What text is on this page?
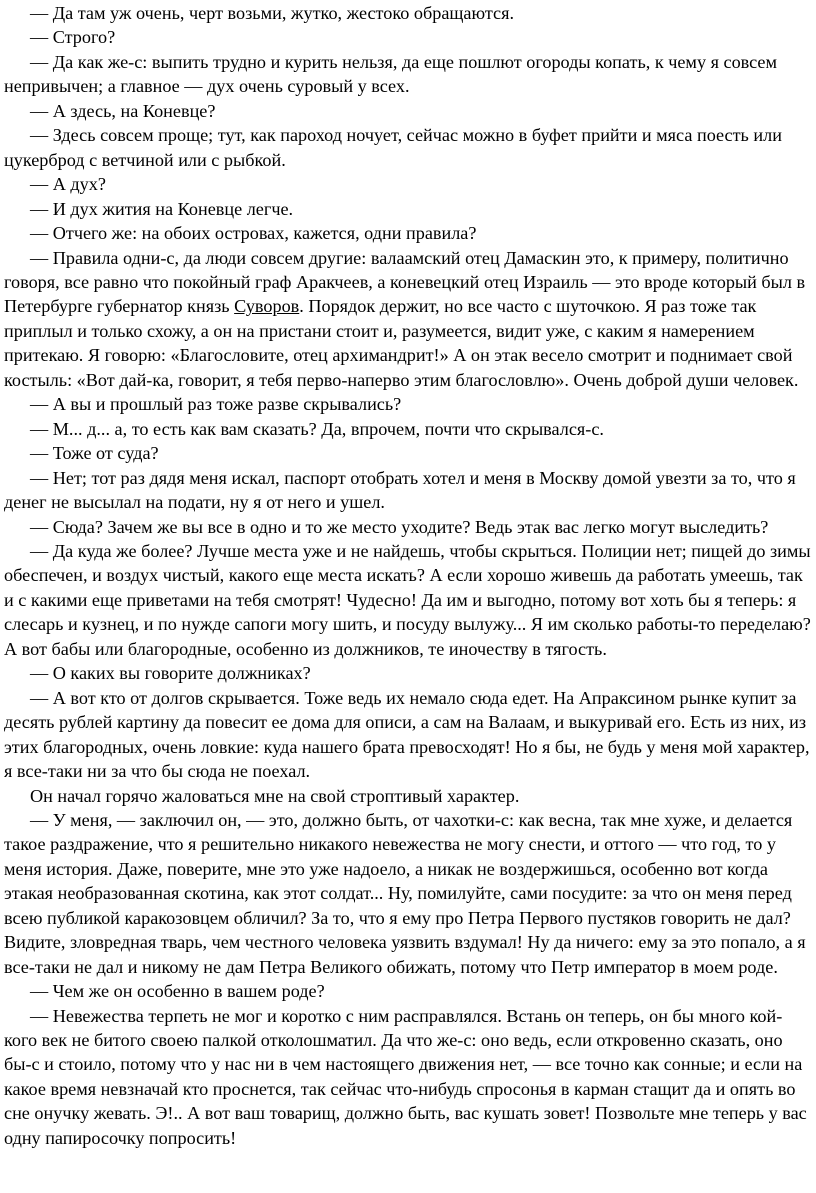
— Да там уж очень, черт возьми, жутко, жестоко обращаются.

— Строго?

— Да как же-с: выпить трудно и курить нельзя, да еще пошлют огороды копать, к чему я совсем непривычен; а главное — дух очень суровый у всех.

— А здесь, на Коневце?

— Здесь совсем проще; тут, как пароход ночует, сейчас можно в буфет прийти и мяса поесть или цукерброд с ветчиной или с рыбкой.

— А дух?

— И дух жития на Коневце легче.

— Отчего же: на обоих островах, кажется, одни правила?

— Правила одни-с, да люди совсем другие: валаамский отец Дамаскин это, к примеру, политично говоря, все равно что покойный граф Аракчеев, а коневецкий отец Израиль — это вроде который был в Петербурге губернатор князь Суворов. Порядок держит, но все часто с шуточкою. Я раз тоже так приплыл и только схожу, а он на пристани стоит и, разумеется, видит уже, с каким я намерением притекаю. Я говорю: «Благословите, отец архимандрит!» А он этак весело смотрит и поднимает свой костыль: «Вот дай-ка, говорит, я тебя перво-наперво этим благословлю». Очень доброй души человек.

— А вы и прошлый раз тоже разве скрывались?

— М... д... а, то есть как вам сказать? Да, впрочем, почти что скрывался-с.

— Тоже от суда?

— Нет; тот раз дядя меня искал, паспорт отобрать хотел и меня в Москву домой увезти за то, что я денег не высылал на подати, ну я от него и ушел.

— Сюда? Зачем же вы все в одно и то же место уходите? Ведь этак вас легко могут выследить?

— Да куда же более? Лучше места уже и не найдешь, чтобы скрыться. Полиции нет; пищей до зимы обеспечен, и воздух чистый, какого еще места искать? А если хорошо живешь да работать умеешь, так и с какими еще приветами на тебя смотрят! Чудесно! Да им и выгодно, потому вот хоть бы я теперь: я слесарь и кузнец, и по нужде сапоги могу шить, и посуду вылужу... Я им сколько работы-то переделаю? А вот бабы или благородные, особенно из должников, те иночеству в тягость.

— О каких вы говорите должниках?

— А вот кто от долгов скрывается. Тоже ведь их немало сюда едет. На Апраксином рынке купит за десять рублей картину да повесит ее дома для описи, а сам на Валаам, и выкуривай его. Есть из них, из этих благородных, очень ловкие: куда нашего брата превосходят! Но я бы, не будь у меня мой характер, я все-таки ни за что бы сюда не поехал.

Он начал горячо жаловаться мне на свой строптивый характер.

— У меня, — заключил он, — это, должно быть, от чахотки-с: как весна, так мне хуже, и делается такое раздражение, что я решительно никакого невежества не могу снести, и оттого — что год, то у меня история. Даже, поверите, мне это уже надоело, а никак не воздержишься, особенно вот когда этакая необразованная скотина, как этот солдат... Ну, помилуйте, сами посудите: за что он меня перед всею публикой каракозовцем обличил? За то, что я ему про Петра Первого пустяков говорить не дал? Видите, зловредная тварь, чем честного человека уязвить вздумал! Ну да ничего: ему за это попало, а я все-таки не дал и никому не дам Петра Великого обижать, потому что Петр император в моем роде.

— Чем же он особенно в вашем роде?

— Невежества терпеть не мог и коротко с ним расправлялся. Встань он теперь, он бы много кой-кого век не битого своею палкой отколошматил. Да что же-с: оно ведь, если откровенно сказать, оно бы-с и стоило, потому что у нас ни в чем настоящего движения нет, — все точно как сонные; и если на какое время невзначай кто проснется, так сейчас что-нибудь спросонья в карман стащит да и опять во сне онучку жевать. Э!.. А вот ваш товарищ, должно быть, вас кушать зовет! Позвольте мне теперь у вас одну папиросочку попросить!
